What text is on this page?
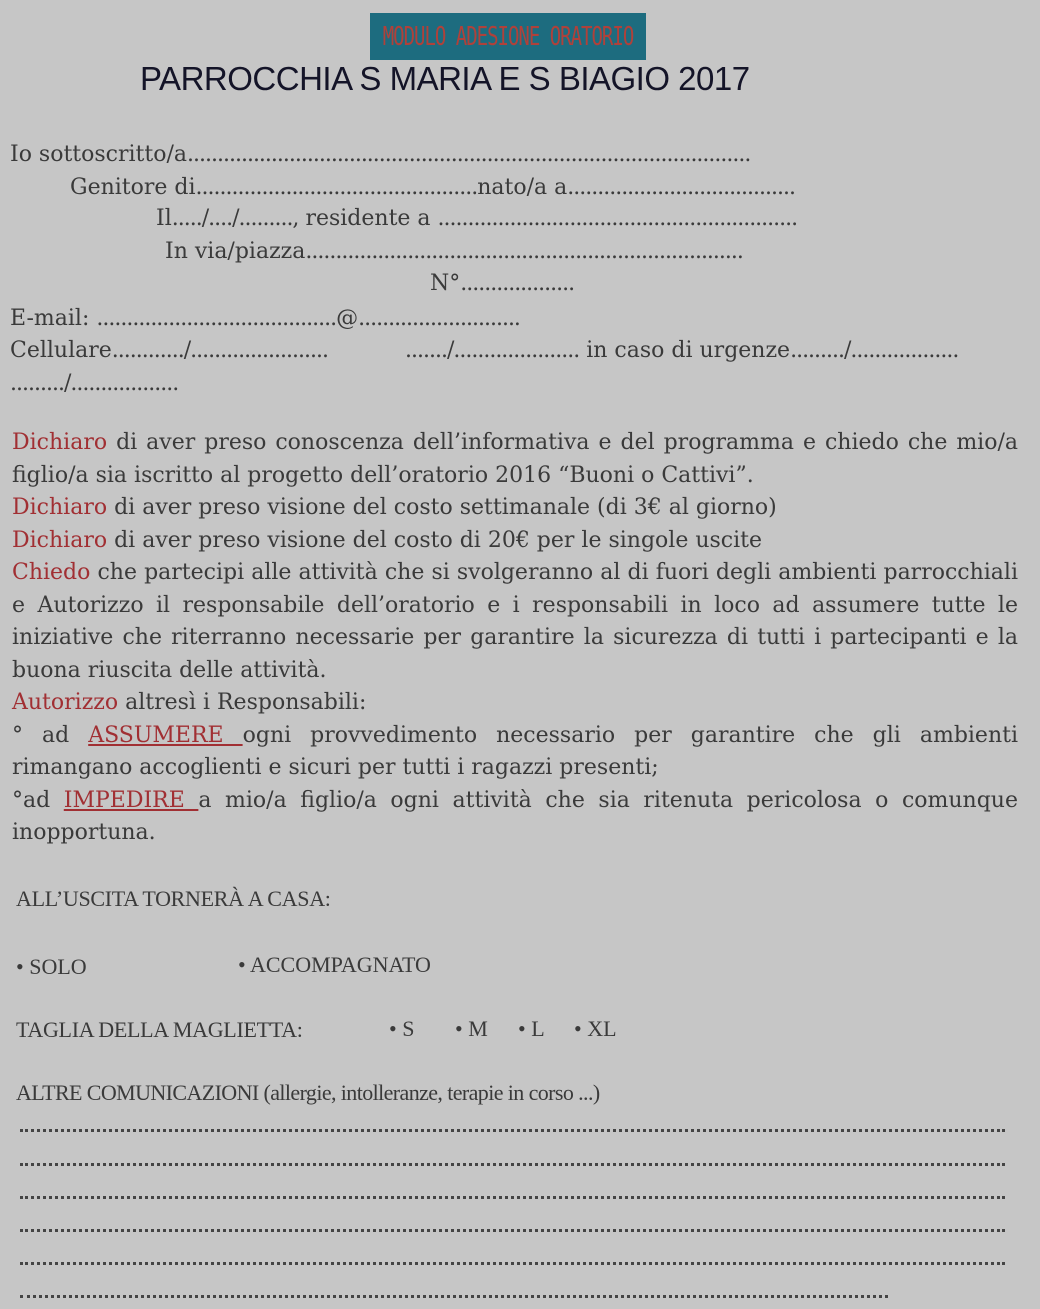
MODULO ADESIONE ORATORIO
PARROCCHIA S MARIA E S BIAGIO 2017
Io sottoscritto/a..............................................................................................
Genitore di...............................................nato/a a......................................
Il...../..../........., residente a ............................................................
In via/piazza.........................................................................
N°...................
E-mail: ........................................@...........................
Cellulare............/.......................	......./..................... in caso di urgenze........./..................
........./..................

Dichiaro di aver preso conoscenza dell’informativa e del programma e chiedo che mio/a figlio/a sia iscritto al progetto dell’oratorio 2016 “Buoni o Cattivi”.

Dichiaro di aver preso visione del costo settimanale (di 3€ al giorno)

Dichiaro di aver preso visione del costo di 20€ per le singole uscite

Chiedo che partecipi alle attività che si svolgeranno al di fuori degli ambienti parrocchiali e Autorizzo il responsabile dell’oratorio e i responsabili in loco ad assumere tutte le iniziative che riterranno necessarie per garantire la sicurezza di tutti i partecipanti e la buona riuscita delle attività.

Autorizzo altresì i Responsabili:

° ad ASSUMERE ogni provvedimento necessario per garantire che gli ambienti rimangano accoglienti e sicuri per tutti i ragazzi presenti;

°ad IMPEDIRE a mio/a figlio/a ogni attività che sia ritenuta pericolosa o comunque inopportuna.

ALL’USCITA TORNERÀ A CASA:
• SOLO	• ACCOMPAGNATO
TAGLIA DELLA MAGLIETTA:	• S • M • L • XL
ALTRE COMUNICAZIONI (allergie, intolleranze, terapie in corso ...)
